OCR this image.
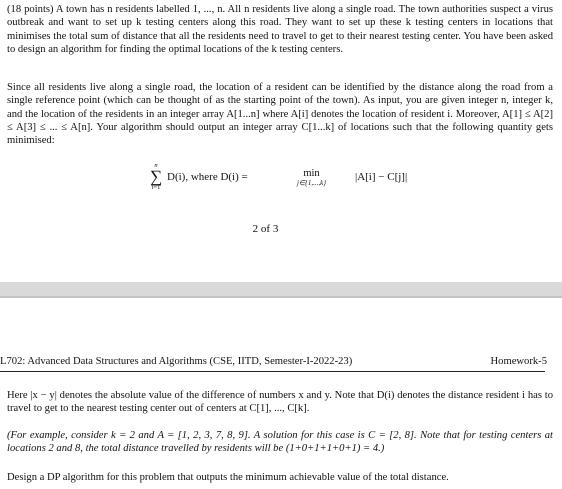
(18 points) A town has n residents labelled 1, ..., n. All n residents live along a single road. The town authorities suspect a virus outbreak and want to set up k testing centers along this road. They want to set up these k testing centers in locations that minimises the total sum of distance that all the residents need to travel to get to their nearest testing center. You have been asked to design an algorithm for finding the optimal locations of the k testing centers.

Since all residents live along a single road, the location of a resident can be identified by the distance along the road from a single reference point (which can be thought of as the starting point of the town). As input, you are given integer n, integer k, and the location of the residents in an integer array A[1...n] where A[i] denotes the location of resident i. Moreover, A[1] ≤ A[2] ≤ A[3] ≤ ... ≤ A[n]. Your algorithm should output an integer array C[1...k] of locations such that the following quantity gets minimised:

n
∑
i=1
D(i), where D(i) =	min
j∈{1,...,k}	|A[i] − C[j]|
2 of 3
L702: Advanced Data Structures and Algorithms (CSE, IITD, Semester-I-2022-23)	Homework-5

Here |x − y| denotes the absolute value of the difference of numbers x and y. Note that D(i) denotes the distance resident i has to travel to get to the nearest testing center out of centers at C[1], ..., C[k].

(For example, consider k = 2 and A = [1, 2, 3, 7, 8, 9]. A solution for this case is C = [2, 8]. Note that for testing centers at locations 2 and 8, the total distance travelled by residents will be (1+0+1+1+0+1) = 4.)

Design a DP algorithm for this problem that outputs the minimum achievable value of the total distance.
